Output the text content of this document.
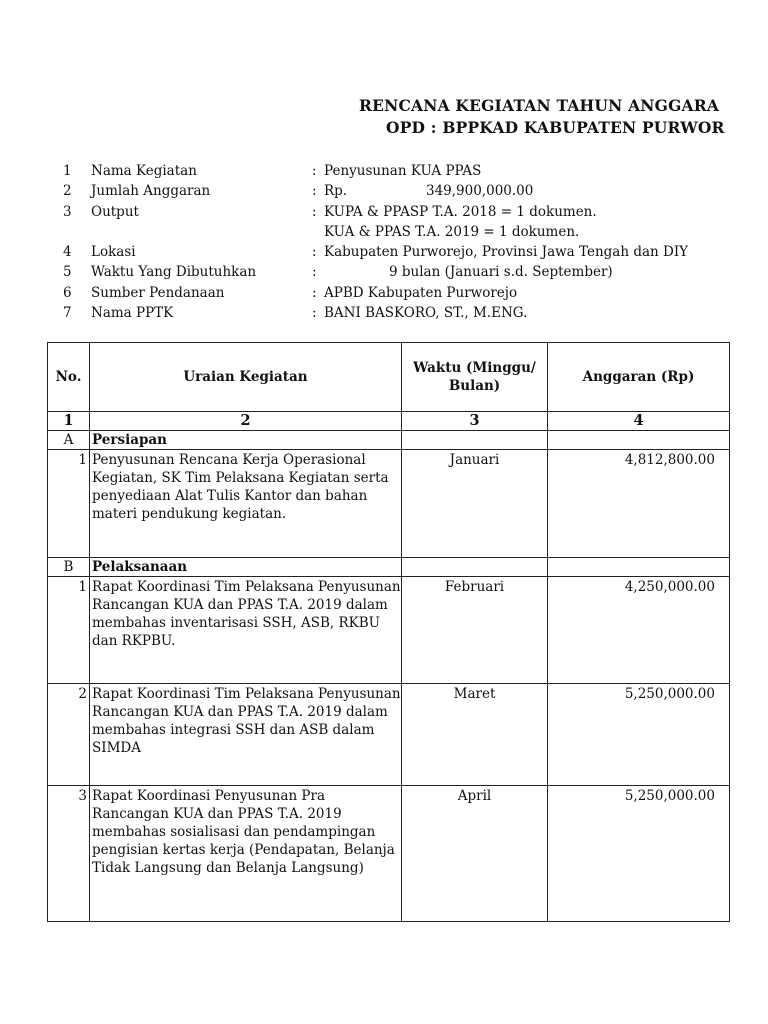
RENCANA KEGIATAN TAHUN ANGGARA
OPD : BPPKAD KABUPATEN PURWOR
1	Nama Kegiatan	: Penyusunan KUA PPAS
2	Jumlah Anggaran	: Rp.	349,900,000.00
3	Output	: KUPA & PPASP T.A. 2018 = 1 dokumen.
KUA & PPAS T.A. 2019 = 1 dokumen.
4	Lokasi	: Kabupaten Purworejo, Provinsi Jawa Tengah dan DIY
5	Waktu Yang Dibutuhkan	:	9 bulan (Januari s.d. September)
6	Sumber Pendanaan	: APBD Kabupaten Purworejo
7	Nama PPTK	: BANI BASKORO, ST., M.ENG.
No.	Uraian Kegiatan	Waktu (Minggu/ Bulan)	Anggaran (Rp)
1	2	3	4
A	Persiapan		
1	Penyusunan Rencana Kerja Operasional Kegiatan, SK Tim Pelaksana Kegiatan serta penyediaan Alat Tulis Kantor dan bahan materi pendukung kegiatan.	Januari	4,812,800.00
B	Pelaksanaan		
1	Rapat Koordinasi Tim Pelaksana Penyusunan Rancangan KUA dan PPAS T.A. 2019 dalam membahas inventarisasi SSH, ASB, RKBU dan RKPBU.	Februari	4,250,000.00
2	Rapat Koordinasi Tim Pelaksana Penyusunan Rancangan KUA dan PPAS T.A. 2019 dalam membahas integrasi SSH dan ASB dalam SIMDA	Maret	5,250,000.00
3	Rapat Koordinasi Penyusunan Pra Rancangan KUA dan PPAS T.A. 2019 membahas sosialisasi dan pendampingan pengisian kertas kerja (Pendapatan, Belanja Tidak Langsung dan Belanja Langsung)	April	5,250,000.00
